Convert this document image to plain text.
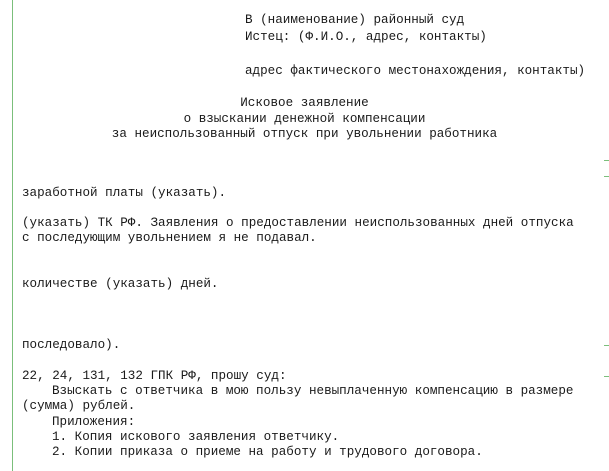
В (наименование) районный суд
Истец: (Ф.И.О., адрес, контакты)
адрес фактического местонахождения, контакты)
Исковое заявление
о взыскании денежной компенсации
за неиспользованный отпуск при увольнении работника
заработной платы (указать).
(указать) ТК РФ. Заявления о предоставлении неиспользованных дней отпуска
с последующим увольнением я не подавал.
количестве (указать) дней.
последовало).
22, 24, 131, 132 ГПК РФ, прошу суд:
Взыскать с ответчика в мою пользу невыплаченную компенсацию в размере
(сумма) рублей.
Приложения:
1. Копия искового заявления ответчику.
2. Копии приказа о приеме на работу и трудового договора.
